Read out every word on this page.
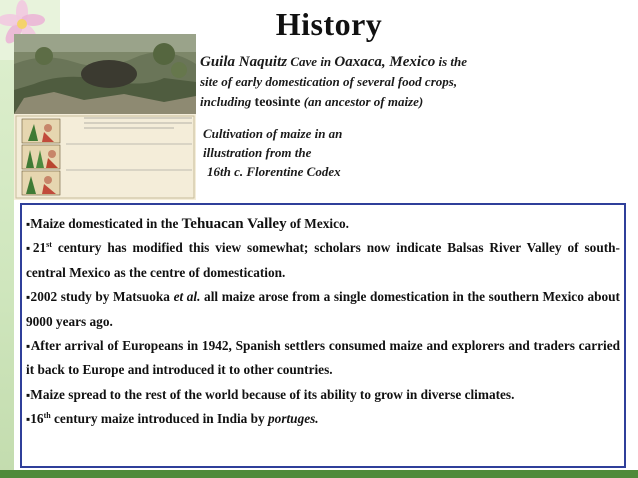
History
Guila Naquitz Cave in Oaxaca, Mexico is the
site of early domestication of several food crops,
including teosinte (an ancestor of maize)
Cultivation of maize in an
illustration from the
16th c. Florentine Codex

▪Maize domesticated in the Tehuacan Valley of Mexico.

▪21st century has modified this view somewhat; scholars now indicate Balsas River Valley of south-central Mexico as the centre of domestication.

▪2002 study by Matsuoka et al. all maize arose from a single domestication in the southern Mexico about 9000 years ago.

▪After arrival of Europeans in 1942, Spanish settlers consumed maize and explorers and traders carried it back to Europe and introduced it to other countries.

▪Maize spread to the rest of the world because of its ability to grow in diverse climates.

▪16th century maize introduced in India by portuges.
